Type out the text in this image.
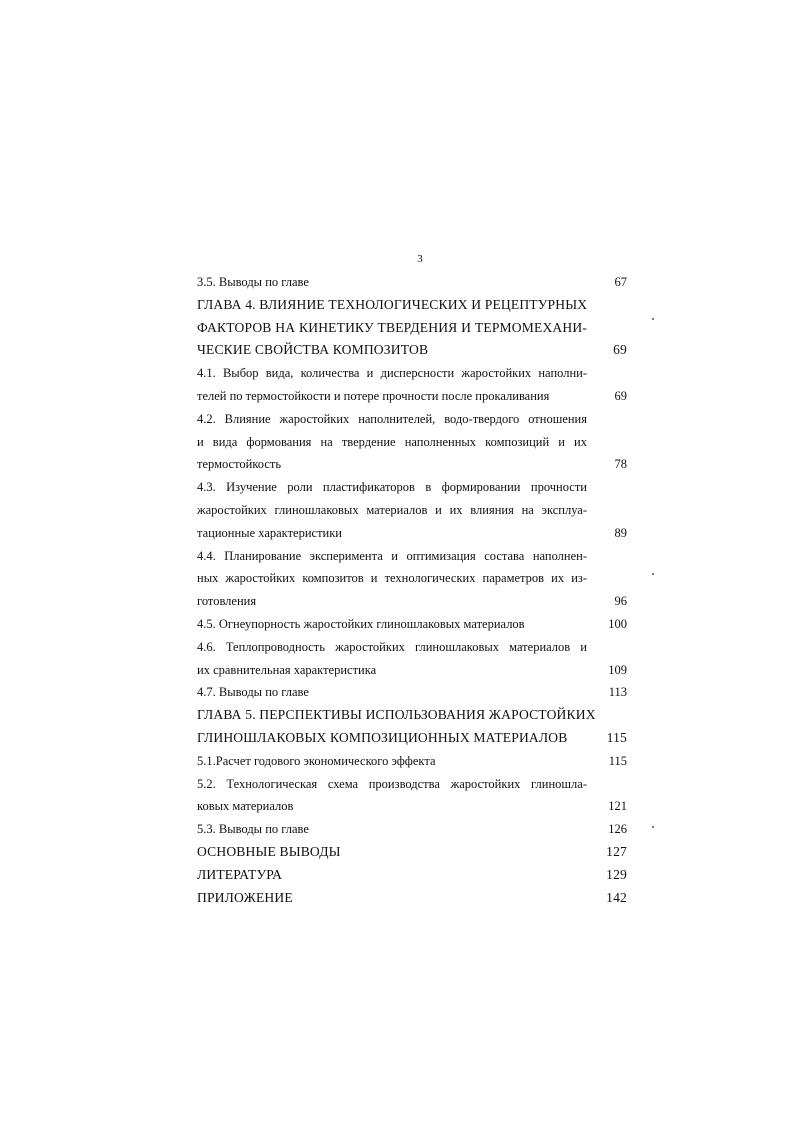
3
3.5. Выводы по главе	67
ГЛАВА 4. ВЛИЯНИЕ ТЕХНОЛОГИЧЕСКИХ И РЕЦЕПТУРНЫХ
ФАКТОРОВ НА КИНЕТИКУ ТВЕРДЕНИЯ И ТЕРМОМЕХАНИ-
ЧЕСКИЕ СВОЙСТВА КОМПОЗИТОВ	69
4.1. Выбор вида, количества и дисперсности жаростойких наполни-
телей по термостойкости и потере прочности после прокаливания	69
4.2. Влияние жаростойких наполнителей, водо-твердого отношения
и вида формования на твердение наполненных композиций и их
термостойкость	78
4.3. Изучение роли пластификаторов в формировании прочности
жаростойких глиношлаковых материалов и их влияния на эксплуа-
тационные характеристики	89
4.4. Планирование эксперимента и оптимизация состава наполнен-
ных жаростойких композитов и технологических параметров их из-
готовления	96
4.5. Огнеупорность жаростойких глиношлаковых материалов	100
4.6. Теплопроводность жаростойких глиношлаковых материалов и
их сравнительная характеристика	109
4.7. Выводы по главе	113
ГЛАВА 5. ПЕРСПЕКТИВЫ ИСПОЛЬЗОВАНИЯ ЖАРОСТОЙКИХ
ГЛИНОШЛАКОВЫХ КОМПОЗИЦИОННЫХ МАТЕРИАЛОВ	115
5.1.Расчет годового экономического эффекта	115
5.2. Технологическая схема производства жаростойких глиношла-
ковых материалов	121
5.3. Выводы по главе	126
ОСНОВНЫЕ ВЫВОДЫ	127
ЛИТЕРАТУРА	129
ПРИЛОЖЕНИЕ	142
